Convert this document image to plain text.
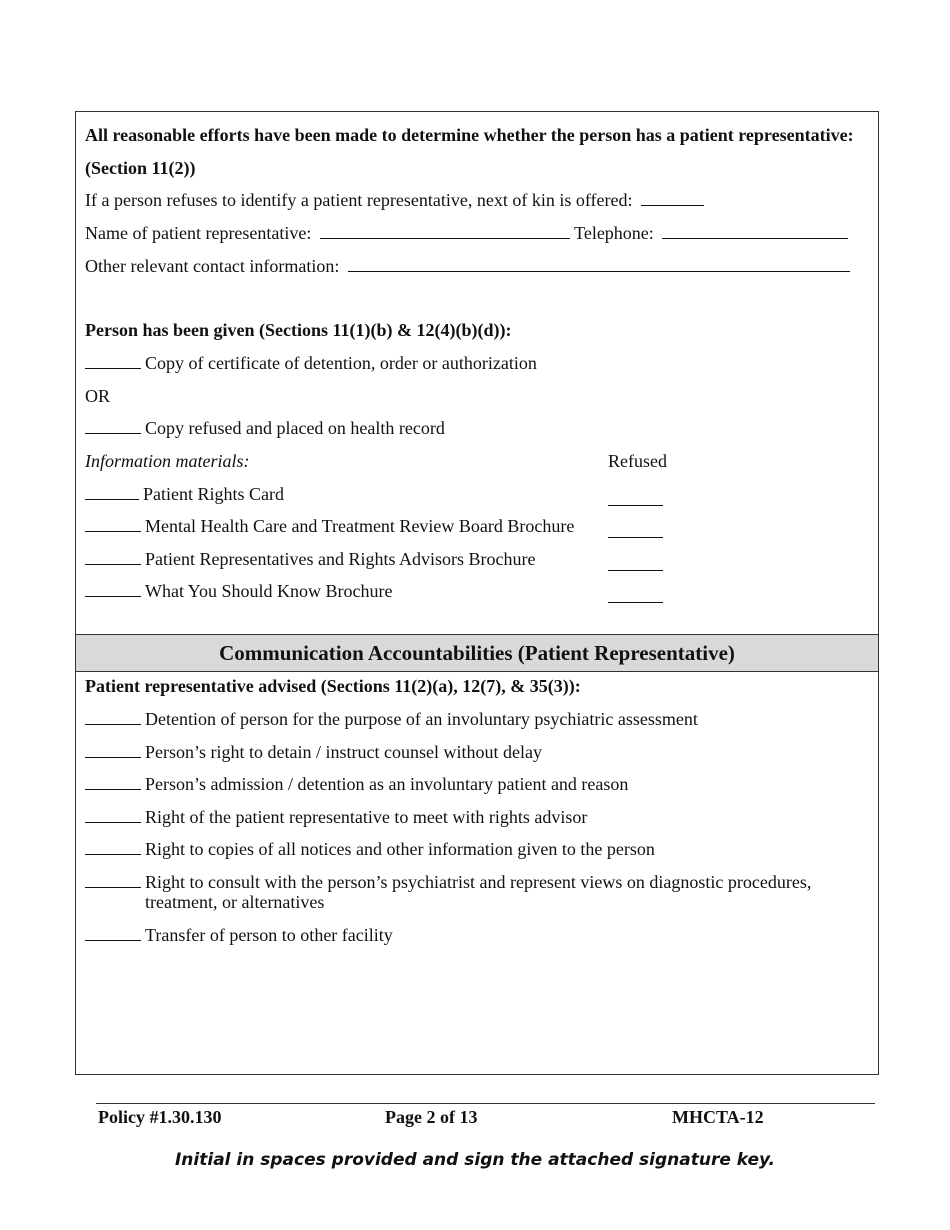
All reasonable efforts have been made to determine whether the person has a patient representative:
(Section 11(2))
If a person refuses to identify a patient representative, next of kin is offered:
Name of patient representative:	Telephone:
Other relevant contact information:
Person has been given (Sections 11(1)(b) & 12(4)(b)(d)):
Copy of certificate of detention, order or authorization
OR
Copy refused and placed on health record
Information materials:	Refused
Patient Rights Card
Mental Health Care and Treatment Review Board Brochure
Patient Representatives and Rights Advisors Brochure
What You Should Know Brochure
Communication Accountabilities (Patient Representative)
Patient representative advised (Sections 11(2)(a), 12(7), & 35(3)):
Detention of person for the purpose of an involuntary psychiatric assessment
Person’s right to detain / instruct counsel without delay
Person’s admission / detention as an involuntary patient and reason
Right of the patient representative to meet with rights advisor
Right to copies of all notices and other information given to the person
Right to consult with the person’s psychiatrist and represent views on diagnostic procedures, treatment, or alternatives
Transfer of person to other facility
Policy #1.30.130	Page 2 of 13	MHCTA-12
Initial in spaces provided and sign the attached signature key.
